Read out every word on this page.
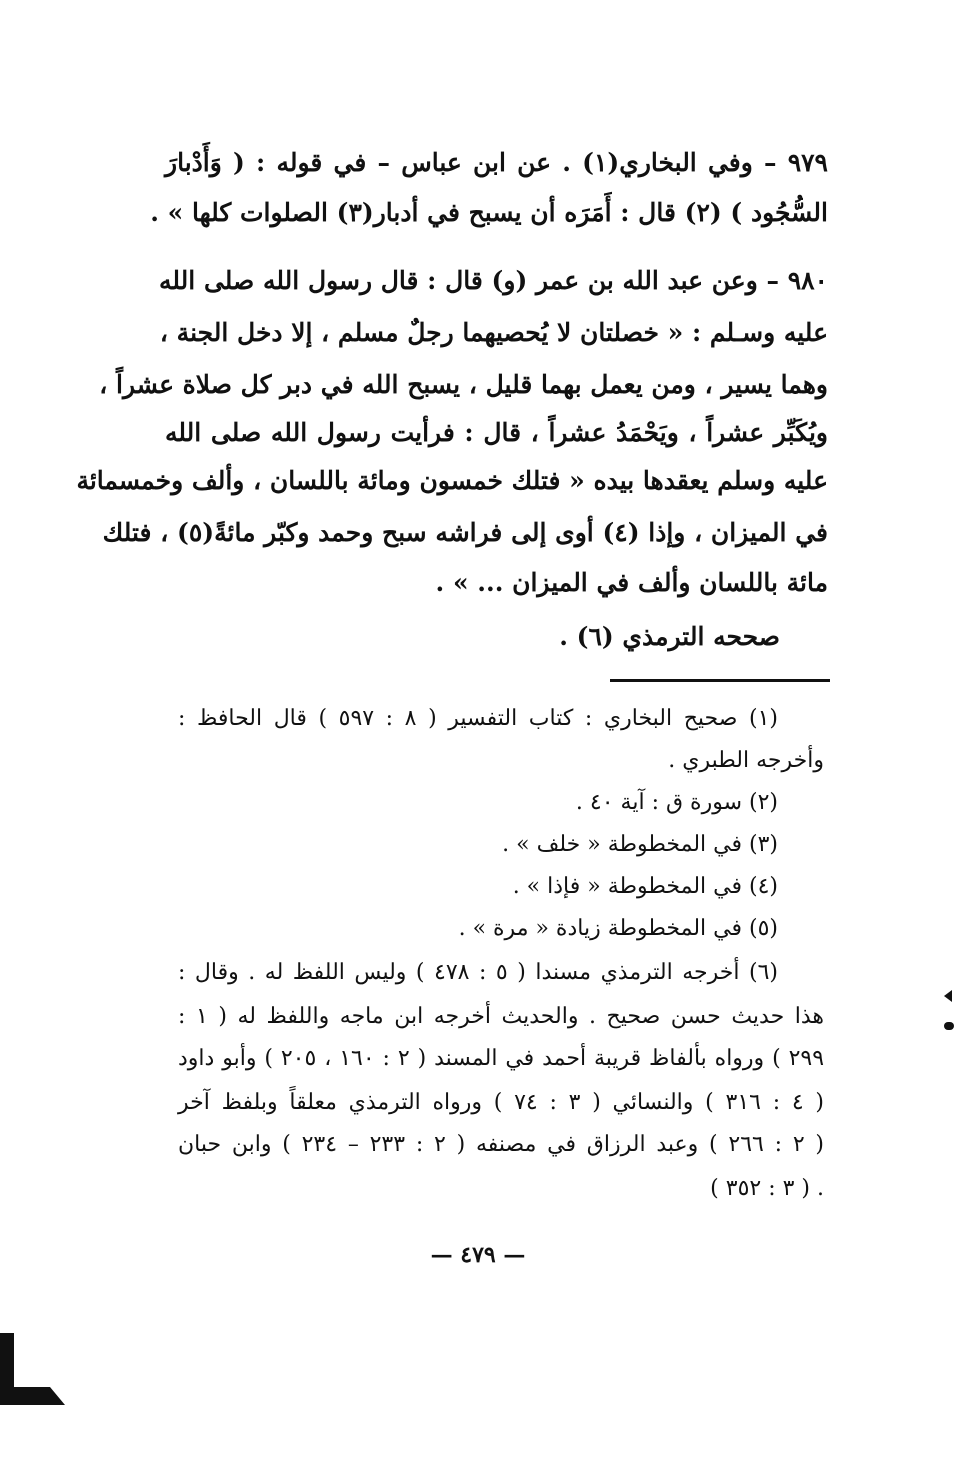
٩٧٩ – وفي البخاري(١) . عن ابن عباس – في قوله : ( وَأَدْبارَ
السُّجُود ) (٢) قال : أَمَرَه أن يسبح في أدبار(٣) الصلوات كلها » .
٩٨٠ – وعن عبد الله بن عمر (و) قال : قال رسول الله صلى الله
عليه وسـلم : « خصلتان لا يُحصيهما رجلٌ مسلم ، إلا دخل الجنة ،
وهما يسير ، ومن يعمل بهما قليل ، يسبح الله في دبر كل صلاة عشراً ،
ويُكَبِّر عشراً ، ويَحْمَدُ عشراً ، قال : فرأيت رسول الله صلى الله
عليه وسلم يعقدها بيده « فتلك خمسون ومائة باللسان ، وألف وخمسمائة
في الميزان ، وإذا (٤) أوى إلى فراشه سبح وحمد وكبّر مائةً(٥) ، فتلك
مائة باللسان وألف في الميزان ... » .
صححه الترمذي (٦) .
(١) صحيح البخاري : كتاب التفسير ( ٨ : ٥٩٧ ) قال الحافظ :
وأخرجه الطبري .
(٢) سورة ق : آية ٤٠ .
(٣) في المخطوطة « خلف » .
(٤) في المخطوطة « فإذا » .
(٥) في المخطوطة زيادة « مرة » .
(٦) أخرجه الترمذي مسندا ( ٥ : ٤٧٨ ) وليس اللفظ له . وقال :
هذا حديث حسن صحيح . والحديث أخرجه ابن ماجه واللفظ له ( ١ :
٢٩٩ ) ورواه بألفاظ قريبة أحمد في المسند ( ٢ : ١٦٠ ، ٢٠٥ ) وأبو داود
( ٤ : ٣١٦ ) والنسائي ( ٣ : ٧٤ ) ورواه الترمذي معلقاً وبلفظ آخر
( ٢ : ٢٦٦ ) وعبد الرزاق في مصنفه ( ٢ : ٢٣٣ – ٢٣٤ ) وابن حبان
( ٣ : ٣٥٢ ) .
— ٤٧٩ —
